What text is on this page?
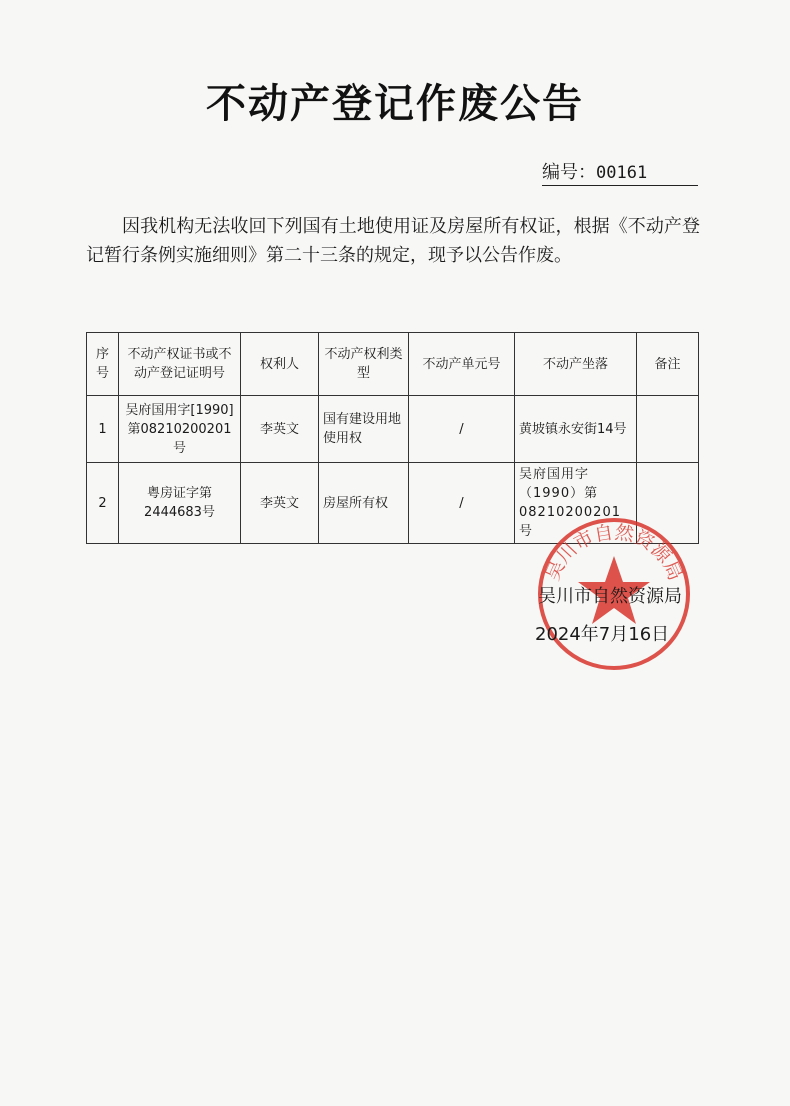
不动产登记作废公告
编号：00161
因我机构无法收回下列国有土地使用证及房屋所有权证，根据《不动产登记暂行条例实施细则》第二十三条的规定，现予以公告作废。
序号	不动产权证书或不动产登记证明号	权利人	不动产权利类型	不动产单元号	不动产坐落	备注
1	吴府国用字[1990]第08210200201号	李英文	国有建设用地使用权	/	黄坡镇永安街14号	
2	粤房证字第2444683号	李英文	房屋所有权	/	吴府国用字（1990）第08210200201号	
吴川市自然资源局
吴川市自然资源局
2024年7月16日
